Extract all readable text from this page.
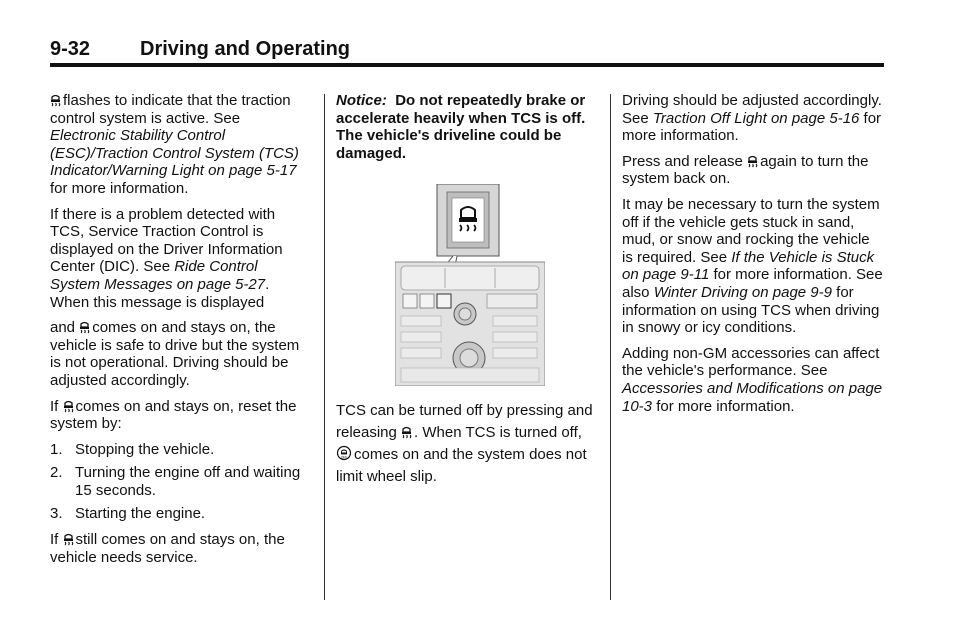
9-32 Driving and Operating

flashes to indicate that the traction control system is active. See Electronic Stability Control (ESC)/Traction Control System (TCS) Indicator/Warning Light on page 5-17 for more information.

If there is a problem detected with TCS, Service Traction Control is displayed on the Driver Information Center (DIC). See Ride Control System Messages on page 5-27. When this message is displayed

and
comes on and stays on, the vehicle is safe to drive but the system is not operational. Driving should be adjusted accordingly.

If
comes on and stays on, reset the system by:

1. Stopping the vehicle.
2. Turning the engine off and waiting 15 seconds.
3. Starting the engine.

If
still comes on and stays on, the vehicle needs service.

Notice: Do not repeatedly brake or accelerate heavily when TCS is off. The vehicle's driveline could be damaged.

TCS can be turned off by pressing and releasing
. When TCS is turned off,
OFF comes on and the system does not limit wheel slip.

Driving should be adjusted accordingly. See Traction Off Light on page 5-16 for more information.

Press and release
again to turn the system back on.

It may be necessary to turn the system off if the vehicle gets stuck in sand, mud, or snow and rocking the vehicle is required. See If the Vehicle is Stuck on page 9-11 for more information. See also Winter Driving on page 9-9 for information on using TCS when driving in snowy or icy conditions.

Adding non-GM accessories can affect the vehicle's performance. See Accessories and Modifications on page 10-3 for more information.
